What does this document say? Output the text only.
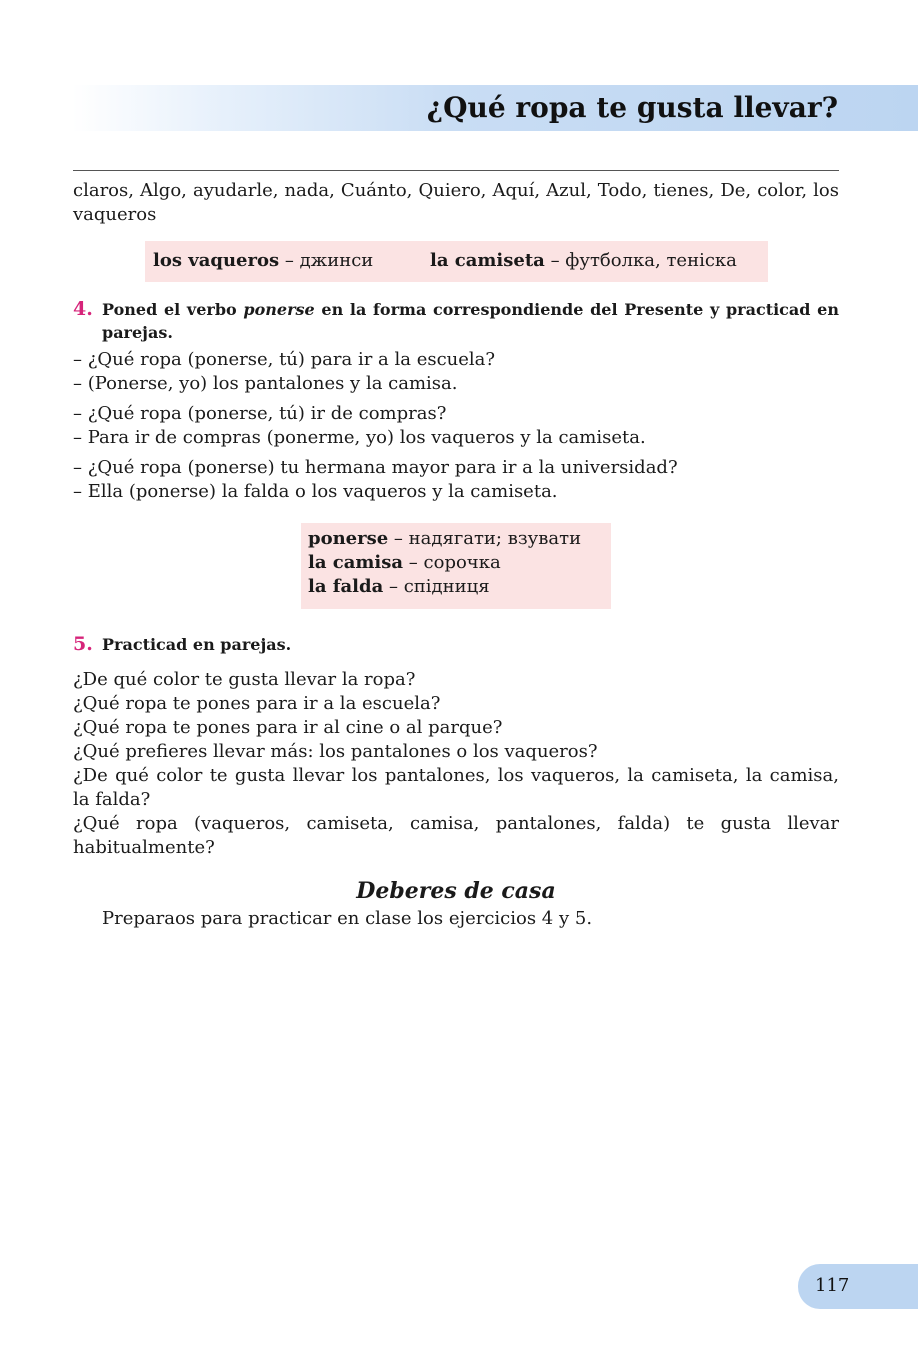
¿Qué ropa te gusta llevar?

claros, Algo, ayudarle, nada, Cuánto, Quiero, Aquí, Azul, Todo, tienes, De, color, los vaqueros

los vaqueros – джинси	la camiseta – футболка, теніска
4. Poned el verbo ponerse en la forma correspondiende del Presente y practicad en parejas.

– ¿Qué ropa (ponerse, tú) para ir a la escuela?
– (Ponerse, yo) los pantalones y la camisa.
– ¿Qué ropa (ponerse, tú) ir de compras?
– Para ir de compras (ponerme, yo) los vaqueros y la camiseta.
– ¿Qué ropa (ponerse) tu hermana mayor para ir a la universidad?
– Ella (ponerse) la falda o los vaqueros y la camiseta.
ponerse – надягати; взувати
la camisa – сорочка
la falda – спідниця
5. Practicad en parejas.

¿De qué color te gusta llevar la ropa?
¿Qué ropa te pones para ir a la escuela?
¿Qué ropa te pones para ir al cine o al parque?
¿Qué prefieres llevar más: los pantalones o los vaqueros?
¿De qué color te gusta llevar los pantalones, los vaqueros, la camiseta, la camisa, la falda?
¿Qué ropa (vaqueros, camiseta, camisa, pantalones, falda) te gusta llevar habitualmente?
Deberes de casa

Preparaos para practicar en clase los ejercicios 4 y 5.

117
